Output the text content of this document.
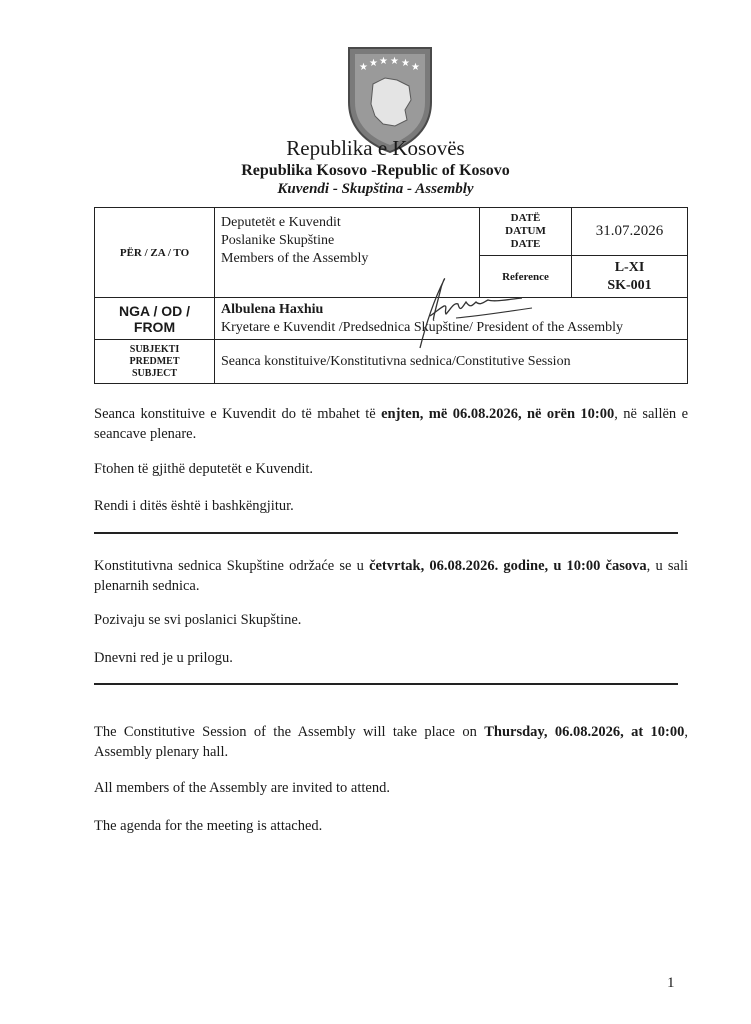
★ ★ ★ ★ ★ ★
Republika e Kosovës
Republika Kosovo -Republic of Kosovo
Kuvendi - Skupština - Assembly
PËR / ZA / TO	Deputetët e Kuvendit
Poslanike Skupštine
Members of the Assembly	DATË
DATUM
DATE	31.07.2026
		Reference	L-XI
SK-001

NGA / OD / FROM	Albulena Haxhiu
Kryetare e Kuvendit /Predsednica Skupštine/ President of the Assembly		

SUBJEKTI
PREDMET
SUBJECT	Seanca konstituive/Konstitutivna sednica/Constitutive Session		
Seanca konstituive e Kuvendit do të mbahet të enjten, më 06.08.2026, në orën 10:00, në sallën e seancave plenare.
Ftohen të gjithë deputetët e Kuvendit.
Rendi i ditës është i bashkëngjitur.
Konstitutivna sednica Skupštine održaće se u četvrtak, 06.08.2026. godine, u 10:00 časova, u sali plenarnih sednica.
Pozivaju se svi poslanici Skupštine.
Dnevni red je u prilogu.
The Constitutive Session of the Assembly will take place on Thursday, 06.08.2026, at 10:00, Assembly plenary hall.
All members of the Assembly are invited to attend.
The agenda for the meeting is attached.
1
